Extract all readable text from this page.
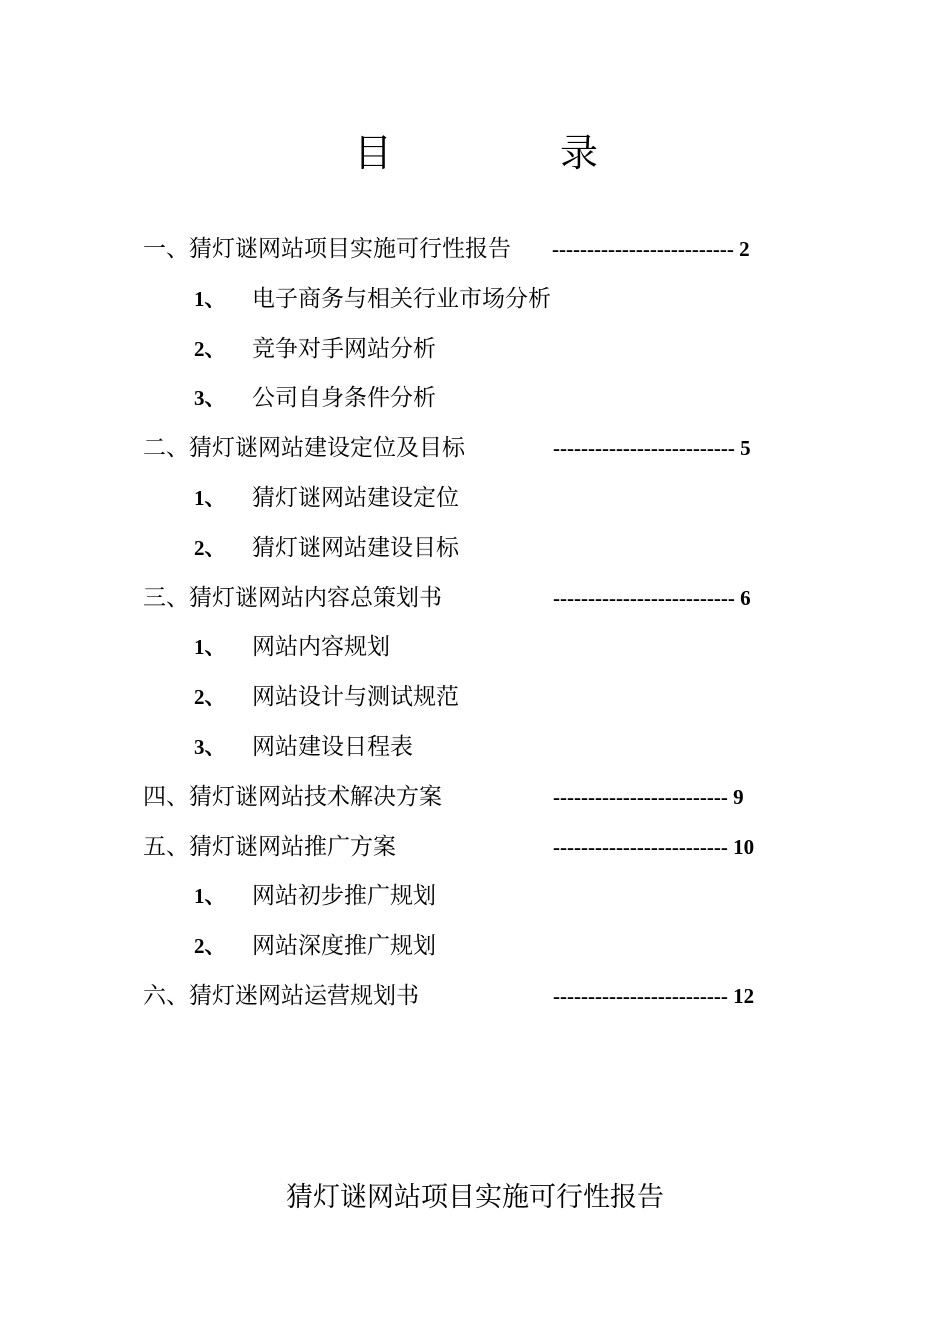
目	录
一、猜灯谜网站项目实施可行性报告 -------------------------- 2
1、 电子商务与相关行业市场分析
2、 竞争对手网站分析
3、 公司自身条件分析
二、猜灯谜网站建设定位及目标	-------------------------- 5
1、 猜灯谜网站建设定位
2、 猜灯谜网站建设目标
三、猜灯谜网站内容总策划书	-------------------------- 6
1、 网站内容规划
2、 网站设计与测试规范
3、 网站建设日程表
四、猜灯谜网站技术解决方案	------------------------- 9
五、猜灯谜网站推广方案	------------------------- 10
1、 网站初步推广规划
2、 网站深度推广规划
六、猜灯迷网站运营规划书	------------------------- 12
猜灯谜网站项目实施可行性报告
